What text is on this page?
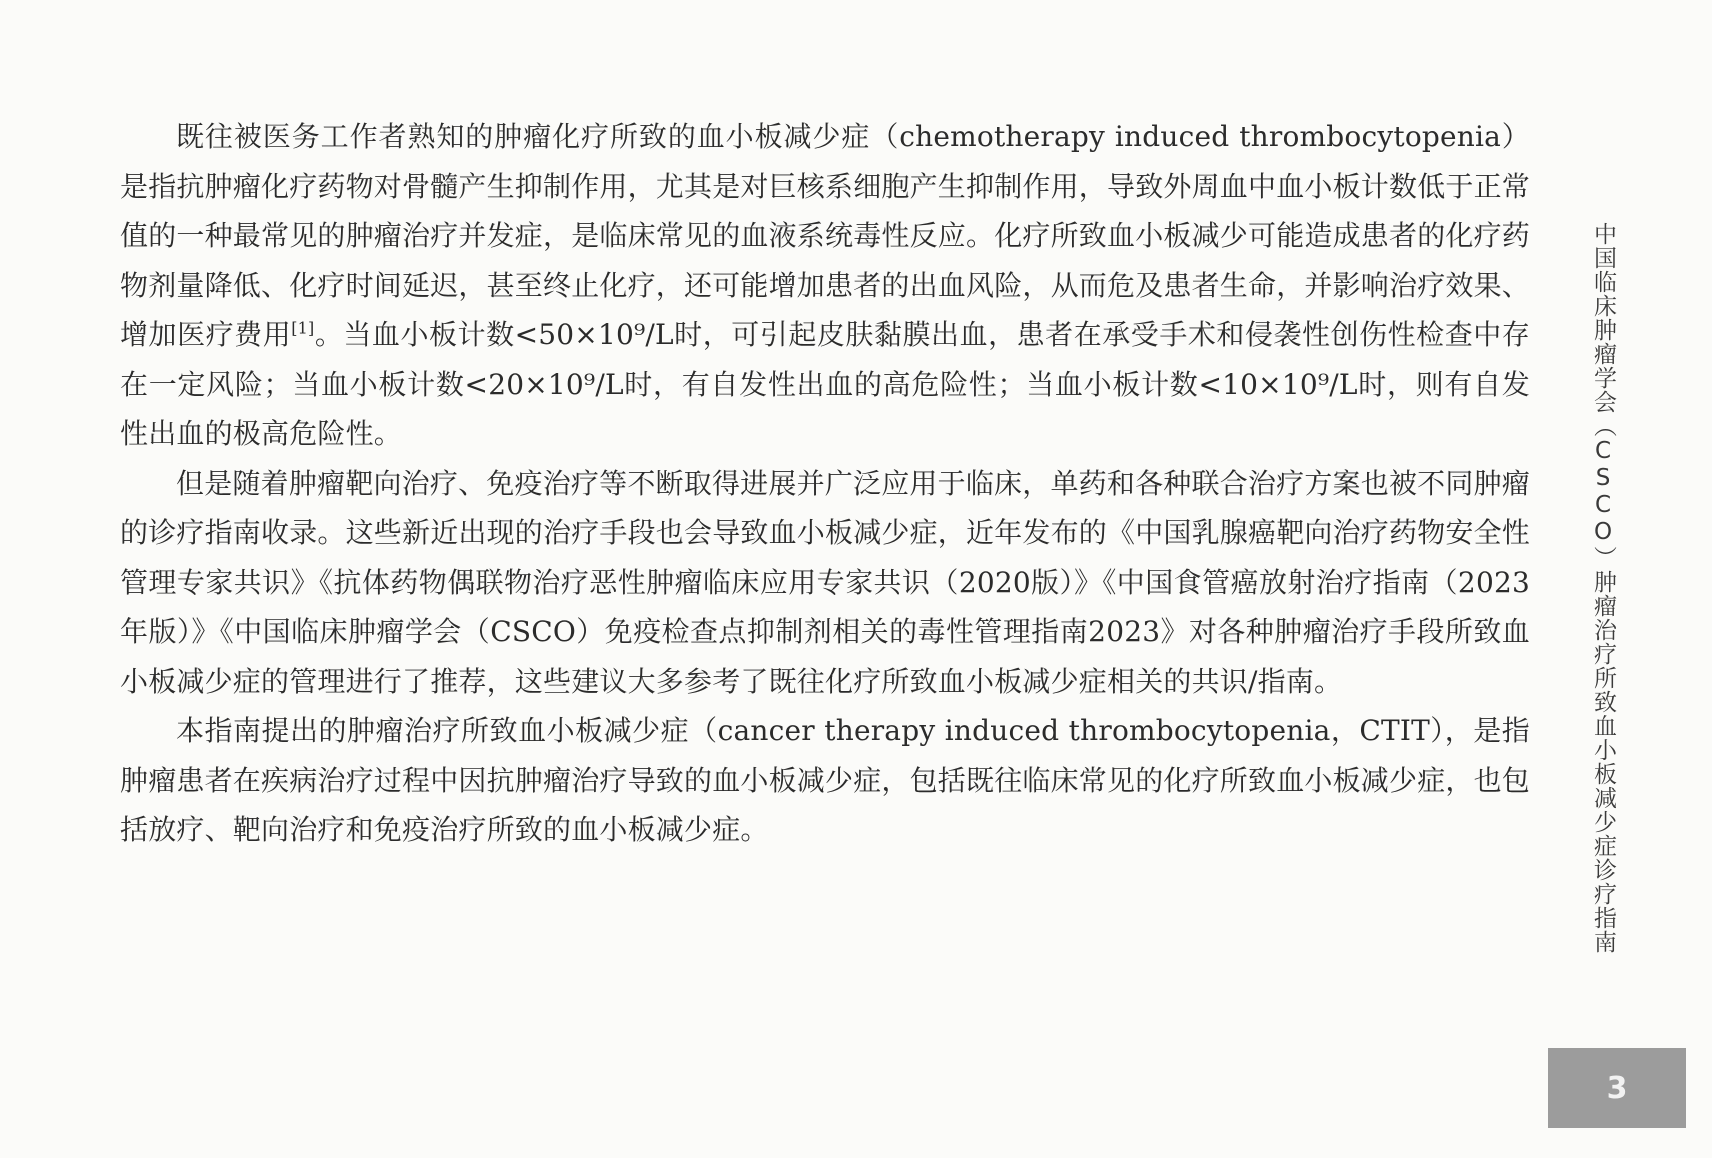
既往被医务工作者熟知的肿瘤化疗所致的血小板减少症（chemotherapy induced thrombocytopenia）是指抗肿瘤化疗药物对骨髓产生抑制作用，尤其是对巨核系细胞产生抑制作用，导致外周血中血小板计数低于正常值的一种最常见的肿瘤治疗并发症，是临床常见的血液系统毒性反应。化疗所致血小板减少可能造成患者的化疗药物剂量降低、化疗时间延迟，甚至终止化疗，还可能增加患者的出血风险，从而危及患者生命，并影响治疗效果、增加医疗费用[1]。当血小板计数<50×10⁹/L时，可引起皮肤黏膜出血，患者在承受手术和侵袭性创伤性检查中存在一定风险；当血小板计数<20×10⁹/L时，有自发性出血的高危险性；当血小板计数<10×10⁹/L时，则有自发性出血的极高危险性。

但是随着肿瘤靶向治疗、免疫治疗等不断取得进展并广泛应用于临床，单药和各种联合治疗方案也被不同肿瘤的诊疗指南收录。这些新近出现的治疗手段也会导致血小板减少症，近年发布的《中国乳腺癌靶向治疗药物安全性管理专家共识》《抗体药物偶联物治疗恶性肿瘤临床应用专家共识（2020版）》《中国食管癌放射治疗指南（2023年版）》《中国临床肿瘤学会（CSCO）免疫检查点抑制剂相关的毒性管理指南2023》对各种肿瘤治疗手段所致血小板减少症的管理进行了推荐，这些建议大多参考了既往化疗所致血小板减少症相关的共识/指南。

本指南提出的肿瘤治疗所致血小板减少症（cancer therapy induced thrombocytopenia，CTIT），是指肿瘤患者在疾病治疗过程中因抗肿瘤治疗导致的血小板减少症，包括既往临床常见的化疗所致血小板减少症，也包括放疗、靶向治疗和免疫治疗所致的血小板减少症。	中国临床肿瘤学会（CSCO）肿瘤治疗所致血小板减少症诊疗指南
3
